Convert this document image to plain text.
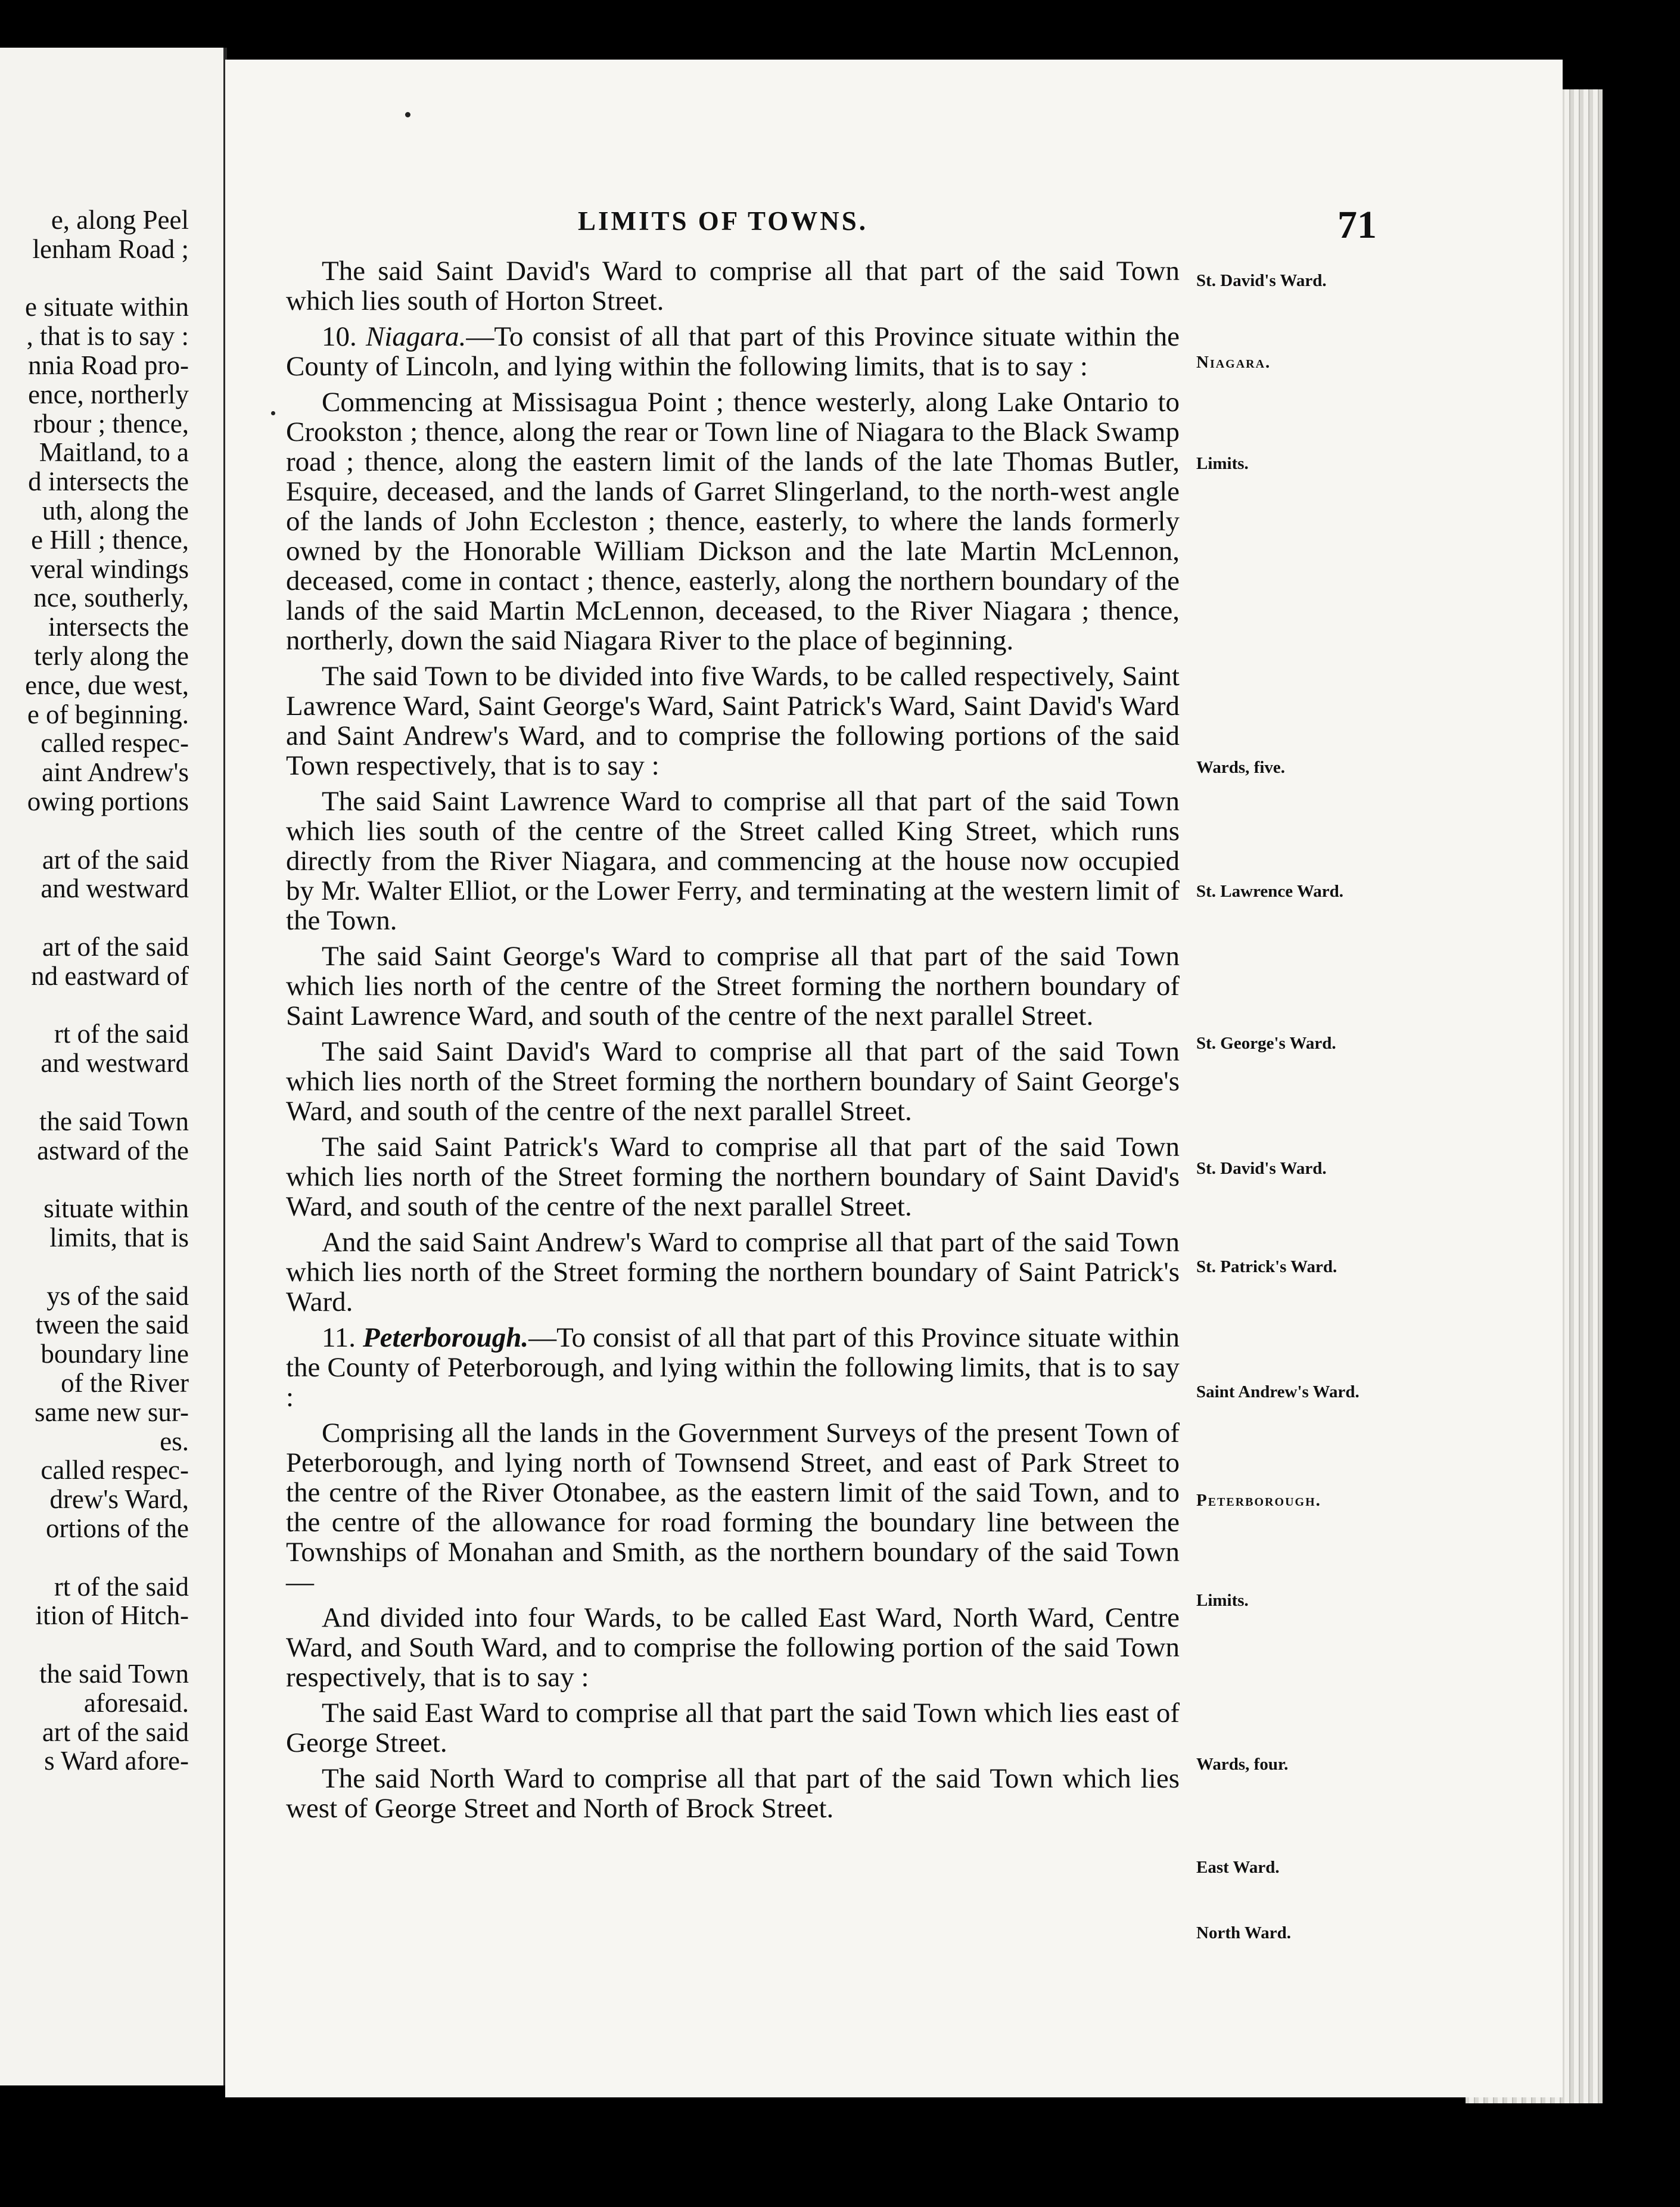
e, along Peel
lenham Road ;
e situate within
, that is to say :
nnia Road pro-
ence, northerly
rbour ; thence,
Maitland, to a
d intersects the
uth, along the
e Hill ; thence,
veral windings
nce, southerly,
intersects the
terly along the
ence, due west,
e of beginning.
called respec-
aint Andrew's
owing portions
art of the said
and westward
art of the said
nd eastward of
rt of the said
and westward
the said Town
astward of the
situate within
limits, that is
ys of the said
tween the said
boundary line
of the River
same new sur-
es.
called respec-
drew's Ward,
ortions of the
rt of the said
ition of Hitch-
the said Town
aforesaid.
art of the said
s Ward afore-
LIMITS OF TOWNS.	71

The said Saint David's Ward to comprise all that part of the said Town which lies south of Horton Street.

10. Niagara.—To consist of all that part of this Province situate within the County of Lincoln, and lying within the following limits, that is to say :

Commencing at Missisagua Point ; thence westerly, along Lake Ontario to Crookston ; thence, along the rear or Town line of Niagara to the Black Swamp road ; thence, along the eastern limit of the lands of the late Thomas Butler, Esquire, deceased, and the lands of Garret Slingerland, to the north-west angle of the lands of John Eccleston ; thence, easterly, to where the lands formerly owned by the Honorable William Dickson and the late Martin McLennon, deceased, come in contact ; thence, easterly, along the northern boundary of the lands of the said Martin McLennon, deceased, to the River Niagara ; thence, northerly, down the said Niagara River to the place of beginning.

The said Town to be divided into five Wards, to be called respectively, Saint Lawrence Ward, Saint George's Ward, Saint Patrick's Ward, Saint David's Ward and Saint Andrew's Ward, and to comprise the following portions of the said Town respectively, that is to say :

The said Saint Lawrence Ward to comprise all that part of the said Town which lies south of the centre of the Street called King Street, which runs directly from the River Niagara, and commencing at the house now occupied by Mr. Walter Elliot, or the Lower Ferry, and terminating at the western limit of the Town.

The said Saint George's Ward to comprise all that part of the said Town which lies north of the centre of the Street forming the northern boundary of Saint Lawrence Ward, and south of the centre of the next parallel Street.

The said Saint David's Ward to comprise all that part of the said Town which lies north of the Street forming the northern boundary of Saint George's Ward, and south of the centre of the next parallel Street.

The said Saint Patrick's Ward to comprise all that part of the said Town which lies north of the Street forming the northern boundary of Saint David's Ward, and south of the centre of the next parallel Street.

And the said Saint Andrew's Ward to comprise all that part of the said Town which lies north of the Street forming the northern boundary of Saint Patrick's Ward.

11. Peterborough.—To consist of all that part of this Province situate within the County of Peterborough, and lying within the following limits, that is to say :

Comprising all the lands in the Government Surveys of the present Town of Peterborough, and lying north of Townsend Street, and east of Park Street to the centre of the River Otonabee, as the eastern limit of the said Town, and to the centre of the allowance for road forming the boundary line between the Townships of Monahan and Smith, as the northern boundary of the said Town—

And divided into four Wards, to be called East Ward, North Ward, Centre Ward, and South Ward, and to comprise the following portion of the said Town respectively, that is to say :

The said East Ward to comprise all that part the said Town which lies east of George Street.

The said North Ward to comprise all that part of the said Town which lies west of George Street and North of Brock Street.

St. David's Ward.
Niagara.
Limits.
Wards, five.
St. Lawrence Ward.
St. George's Ward.
St. David's Ward.
St. Patrick's Ward.
Saint Andrew's Ward.
Peterborough.
Limits.
Wards, four.
East Ward.
North Ward.
